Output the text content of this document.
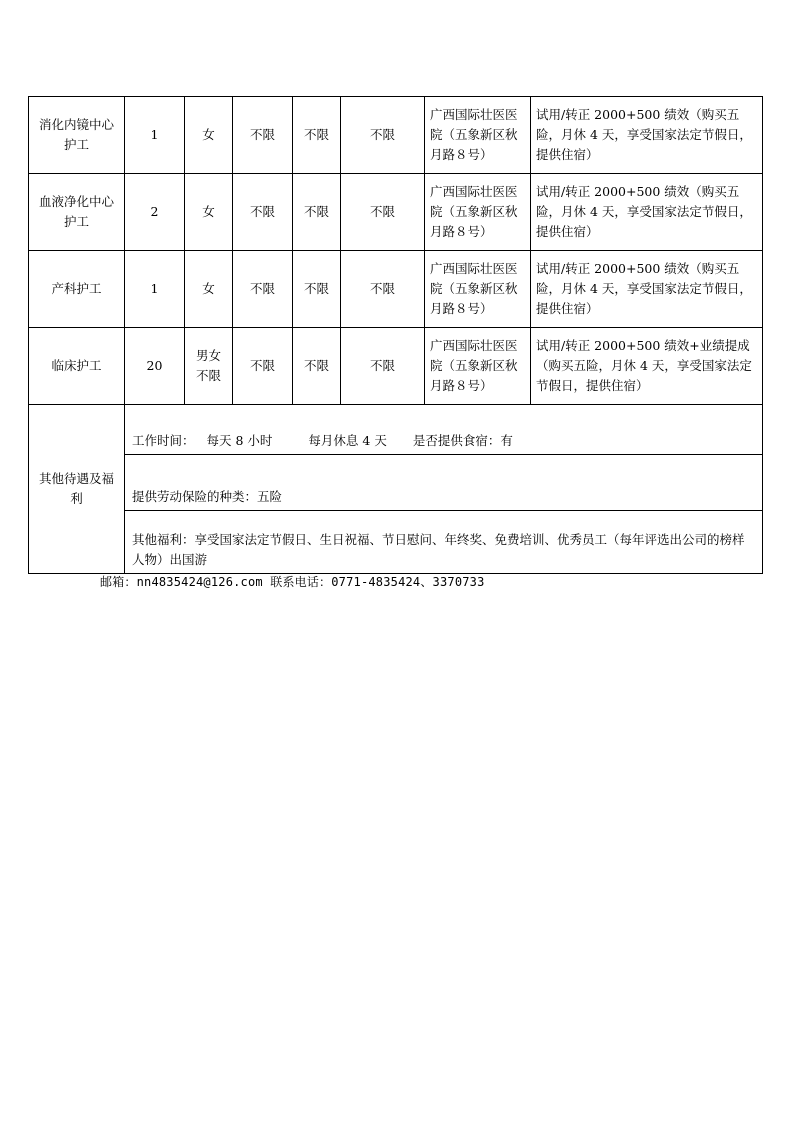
消化内镜中心护工	1	女	不限	不限	不限	广西国际壮医医院（五象新区秋月路８号）	试用/转正 2000+500 绩效（购买五险，月休 4 天，享受国家法定节假日，提供住宿）
血液净化中心护工	2	女	不限	不限	不限	广西国际壮医医院（五象新区秋月路８号）	试用/转正 2000+500 绩效（购买五险，月休 4 天，享受国家法定节假日，提供住宿）
产科护工	1	女	不限	不限	不限	广西国际壮医医院（五象新区秋月路８号）	试用/转正 2000+500 绩效（购买五险，月休 4 天，享受国家法定节假日，提供住宿）
临床护工	20	男女不限	不限	不限	不限	广西国际壮医医院（五象新区秋月路８号）	试用/转正 2000+500 绩效+业绩提成（购买五险，月休 4 天，享受国家法定节假日，提供住宿）
其他待遇及福利	工作时间： 每天 8 小时 每月休息 4 天 是否提供食宿：有						
	提供劳动保险的种类：五险						
	其他福利：享受国家法定节假日、生日祝福、节日慰问、年终奖、免费培训、优秀员工（每年评选出公司的榜样人物）出国游						
邮箱：nn4835424@126.com 联系电话：0771-4835424、3370733
